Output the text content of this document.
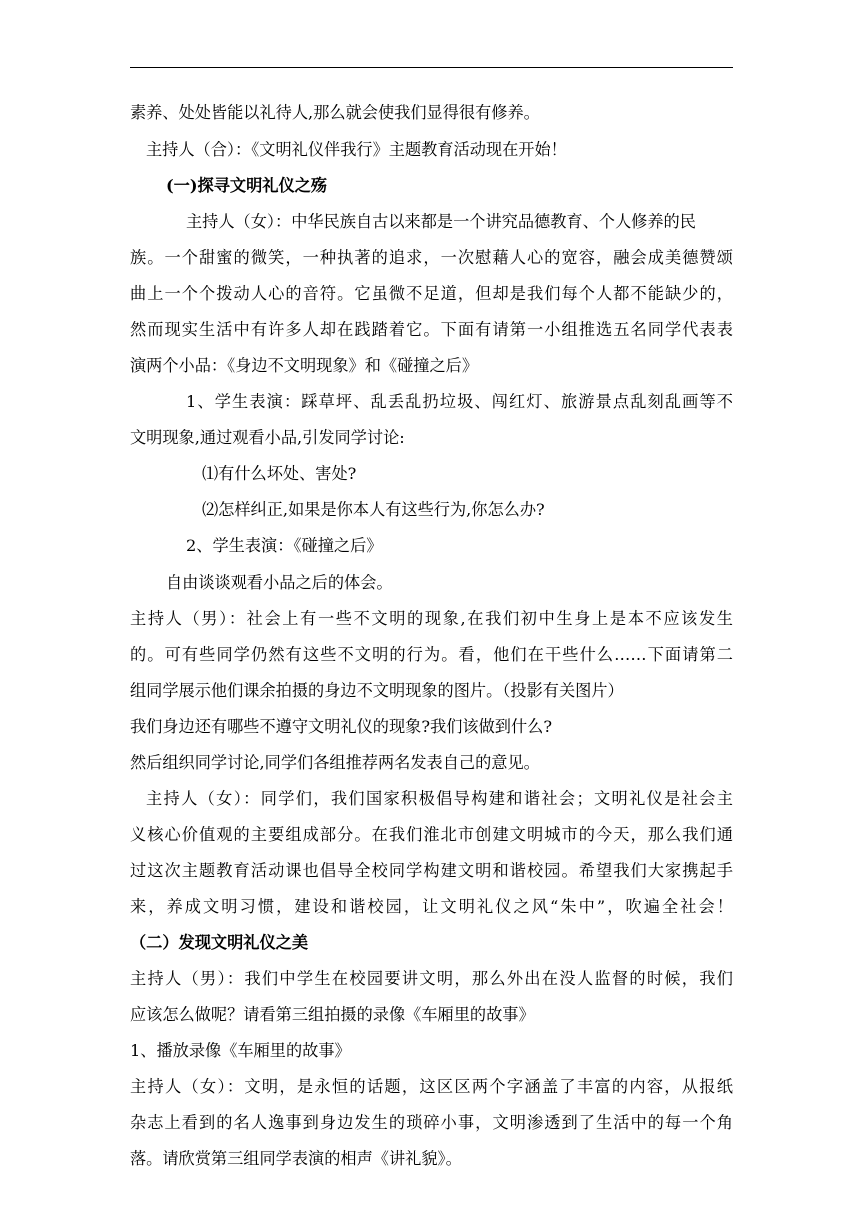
素养、处处皆能以礼待人,那么就会使我们显得很有修养。
主持人（合）：《文明礼仪伴我行》主题教育活动现在开始！
(一)探寻文明礼仪之殇
主持人（女）：中华民族自古以来都是一个讲究品德教育、个人修养的民
族。一个甜蜜的微笑，一种执著的追求，一次慰藉人心的宽容，融会成美德赞颂
曲上一个个拨动人心的音符。它虽微不足道，但却是我们每个人都不能缺少的，
然而现实生活中有许多人却在践踏着它。下面有请第一小组推选五名同学代表表
演两个小品：《身边不文明现象》和《碰撞之后》
1、学生表演：踩草坪、乱丢乱扔垃圾、闯红灯、旅游景点乱刻乱画等不
文明现象,通过观看小品,引发同学讨论:
⑴有什么坏处、害处?
⑵怎样纠正,如果是你本人有这些行为,你怎么办?
2、学生表演：《碰撞之后》
自由谈谈观看小品之后的体会。
主持人（男）：社会上有一些不文明的现象,在我们初中生身上是本不应该发生
的。可有些同学仍然有这些不文明的行为。看，他们在干些什么……下面请第二
组同学展示他们课余拍摄的身边不文明现象的图片。（投影有关图片）
我们身边还有哪些不遵守文明礼仪的现象?我们该做到什么?
然后组织同学讨论,同学们各组推荐两名发表自己的意见。
主持人（女）：同学们，我们国家积极倡导构建和谐社会；文明礼仪是社会主
义核心价值观的主要组成部分。在我们淮北市创建文明城市的今天，那么我们通
过这次主题教育活动课也倡导全校同学构建文明和谐校园。希望我们大家携起手
来，养成文明习惯，建设和谐校园，让文明礼仪之风“朱中”，吹遍全社会！
（二）发现文明礼仪之美
主持人（男）：我们中学生在校园要讲文明，那么外出在没人监督的时候，我们
应该怎么做呢？请看第三组拍摄的录像《车厢里的故事》
1、播放录像《车厢里的故事》
主持人（女）：文明，是永恒的话题，这区区两个字涵盖了丰富的内容，从报纸
杂志上看到的名人逸事到身边发生的琐碎小事，文明渗透到了生活中的每一个角
落。请欣赏第三组同学表演的相声《讲礼貌》。
